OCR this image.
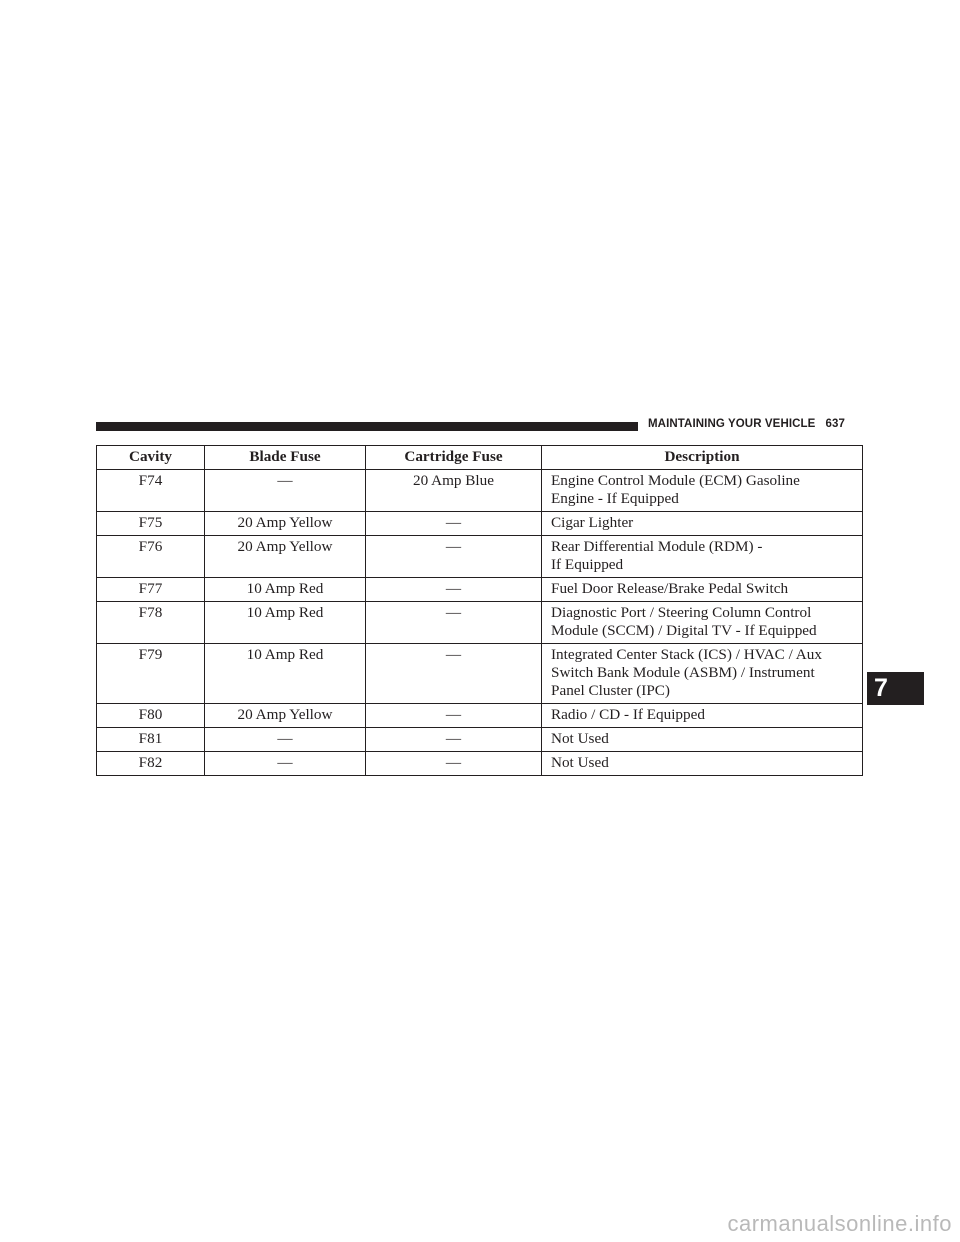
MAINTAINING YOUR VEHICLE 637
Cavity	Blade Fuse	Cartridge Fuse	Description
F74	—	20 Amp Blue	Engine Control Module (ECM) Gasoline
Engine - If Equipped

F75	20 Amp Yellow	—	Cigar Lighter

F76	20 Amp Yellow	—	Rear Differential Module (RDM) -
If Equipped

F77	10 Amp Red	—	Fuel Door Release/Brake Pedal Switch

F78	10 Amp Red	—	Diagnostic Port / Steering Column Control
Module (SCCM) / Digital TV - If Equipped

F79	10 Amp Red	—	Integrated Center Stack (ICS) / HVAC / Aux
Switch Bank Module (ASBM) / Instrument
Panel Cluster (IPC)

F80	20 Amp Yellow	—	Radio / CD - If Equipped

F81	—	—	Not Used

F82	—	—	Not Used
7
carmanualsonline.info
